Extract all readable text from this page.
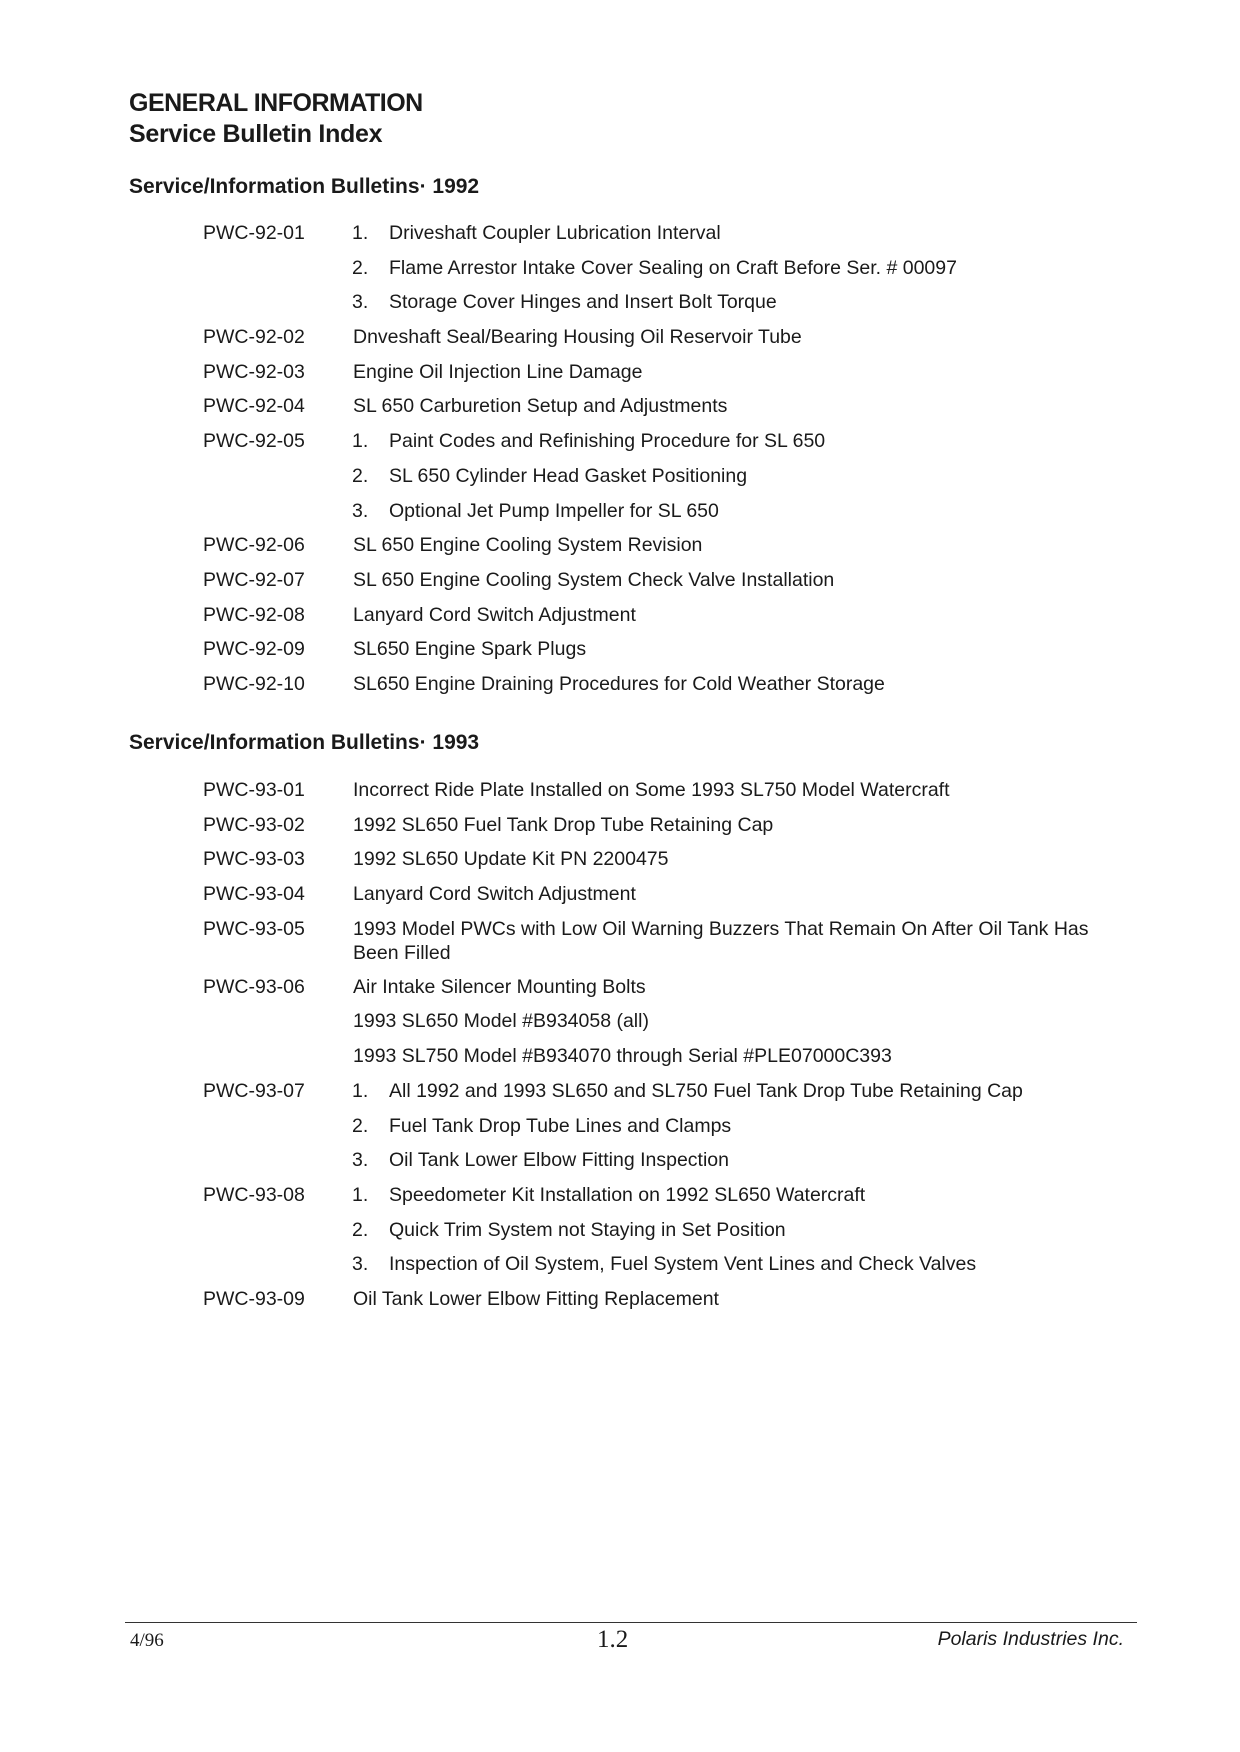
GENERAL INFORMATION
Service Bulletin Index
Service/Information Bulletins· 1992
PWC-92-01 1. Driveshaft Coupler Lubrication Interval
2. Flame Arrestor Intake Cover Sealing on Craft Before Ser. # 00097
3. Storage Cover Hinges and Insert Bolt Torque
PWC-92-02 Dnveshaft Seal/Bearing Housing Oil Reservoir Tube
PWC-92-03 Engine Oil Injection Line Damage
PWC-92-04 SL 650 Carburetion Setup and Adjustments
PWC-92-05 1. Paint Codes and Refinishing Procedure for SL 650
2. SL 650 Cylinder Head Gasket Positioning
3. Optional Jet Pump Impeller for SL 650
PWC-92-06 SL 650 Engine Cooling System Revision
PWC-92-07 SL 650 Engine Cooling System Check Valve Installation
PWC-92-08 Lanyard Cord Switch Adjustment
PWC-92-09 SL650 Engine Spark Plugs
PWC-92-10 SL650 Engine Draining Procedures for Cold Weather Storage
Service/Information Bulletins· 1993
PWC-93-01 Incorrect Ride Plate Installed on Some 1993 SL750 Model Watercraft
PWC-93-02 1992 SL650 Fuel Tank Drop Tube Retaining Cap
PWC-93-03 1992 SL650 Update Kit PN 2200475
PWC-93-04 Lanyard Cord Switch Adjustment
PWC-93-05 1993 Model PWCs with Low Oil Warning Buzzers That Remain On After Oil Tank Has Been Filled
PWC-93-06 Air Intake Silencer Mounting Bolts
1993 SL650 Model #B934058 (all)
1993 SL750 Model #B934070 through Serial #PLE07000C393
PWC-93-07 1. All 1992 and 1993 SL650 and SL750 Fuel Tank Drop Tube Retaining Cap
2. Fuel Tank Drop Tube Lines and Clamps
3. Oil Tank Lower Elbow Fitting Inspection
PWC-93-08 1. Speedometer Kit Installation on 1992 SL650 Watercraft
2. Quick Trim System not Staying in Set Position
3. Inspection of Oil System, Fuel System Vent Lines and Check Valves
PWC-93-09 Oil Tank Lower Elbow Fitting Replacement
4/96	1.2	Polaris Industries Inc.
